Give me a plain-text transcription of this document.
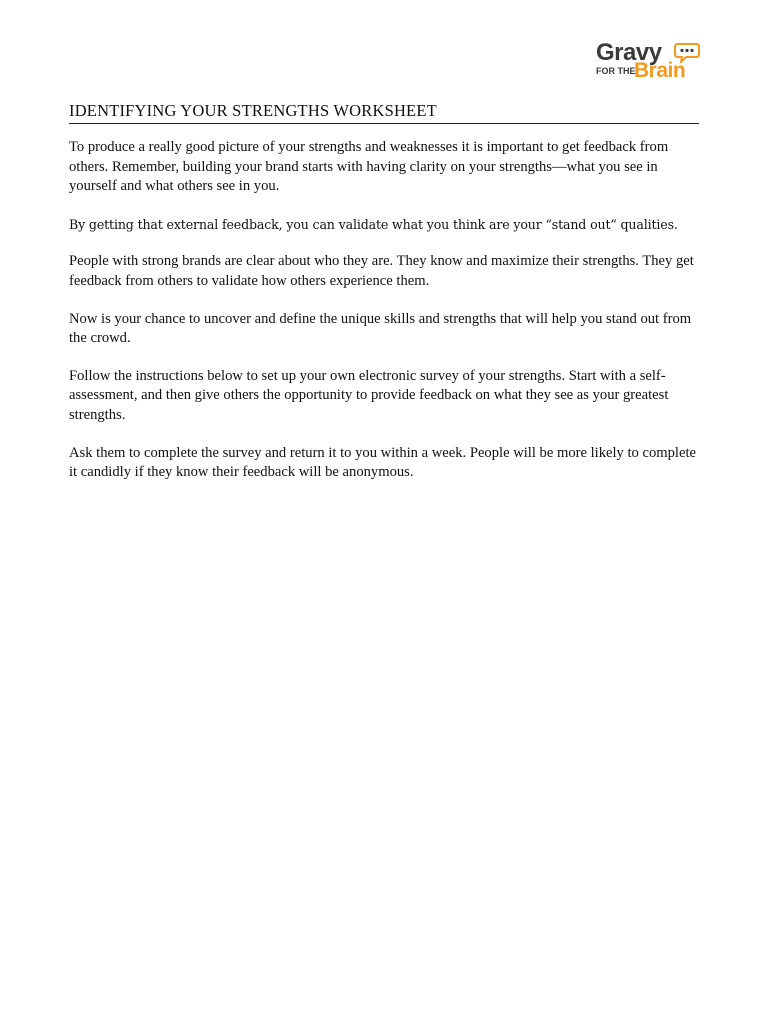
Gravy
FOR THE
Brain
IDENTIFYING YOUR STRENGTHS WORKSHEET

To produce a really good picture of your strengths and weaknesses it is important to get feedback from others. Remember, building your brand starts with having clarity on your strengths—what you see in yourself and what others see in you.

By getting that external feedback, you can validate what you think are your “stand out” qualities.

People with strong brands are clear about who they are. They know and maximize their strengths. They get feedback from others to validate how others experience them.

Now is your chance to uncover and define the unique skills and strengths that will help you stand out from the crowd.

Follow the instructions below to set up your own electronic survey of your strengths. Start with a self-assessment, and then give others the opportunity to provide feedback on what they see as your greatest strengths.

Ask them to complete the survey and return it to you within a week. People will be more likely to complete it candidly if they know their feedback will be anonymous.
